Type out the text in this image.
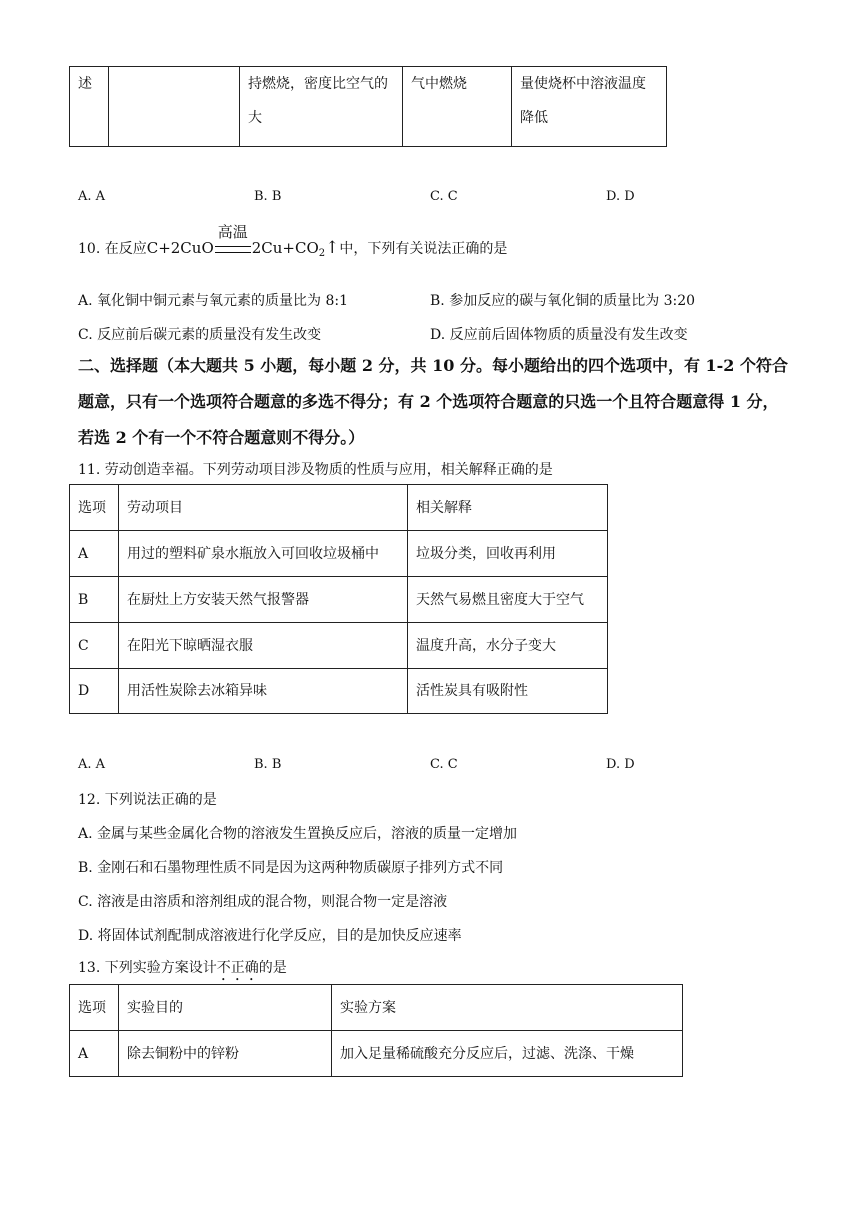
述		持燃烧，密度比空气的大	气中燃烧	量使烧杯中溶液温度降低
A. A	B. B	C. C	D. D
10. 在反应C+2CuO
高温
$2Cu+CO_2↑$中，下列有关说法正确的是
A. 氧化铜中铜元素与氧元素的质量比为 8:1	B. 参加反应的碳与氧化铜的质量比为 3:20
C. 反应前后碳元素的质量没有发生改变	D. 反应前后固体物质的质量没有发生改变
二、选择题（本大题共 5 小题，每小题 2 分，共 10 分。每小题给出的四个选项中，有 1-2 个符合题意，只有一个选项符合题意的多选不得分；有 2 个选项符合题意的只选一个且符合题意得 1 分，若选 2 个有一个不符合题意则不得分。）
11. 劳动创造幸福。下列劳动项目涉及物质的性质与应用，相关解释正确的是
选项	劳动项目	相关解释
A	用过的塑料矿泉水瓶放入可回收垃圾桶中	垃圾分类，回收再利用
B	在厨灶上方安装天然气报警器	天然气易燃且密度大于空气
C	在阳光下晾晒湿衣服	温度升高，水分子变大
D	用活性炭除去冰箱异味	活性炭具有吸附性
A. A	B. B	C. C	D. D
12. 下列说法正确的是
A. 金属与某些金属化合物的溶液发生置换反应后，溶液的质量一定增加
B. 金刚石和石墨物理性质不同是因为这两种物质碳原子排列方式不同
C. 溶液是由溶质和溶剂组成的混合物，则混合物一定是溶液
D. 将固体试剂配制成溶液进行化学反应，目的是加快反应速率
13. 下列实验方案设计不正确的是
选项	实验目的	实验方案
A	除去铜粉中的锌粉	加入足量稀硫酸充分反应后，过滤、洗涤、干燥
